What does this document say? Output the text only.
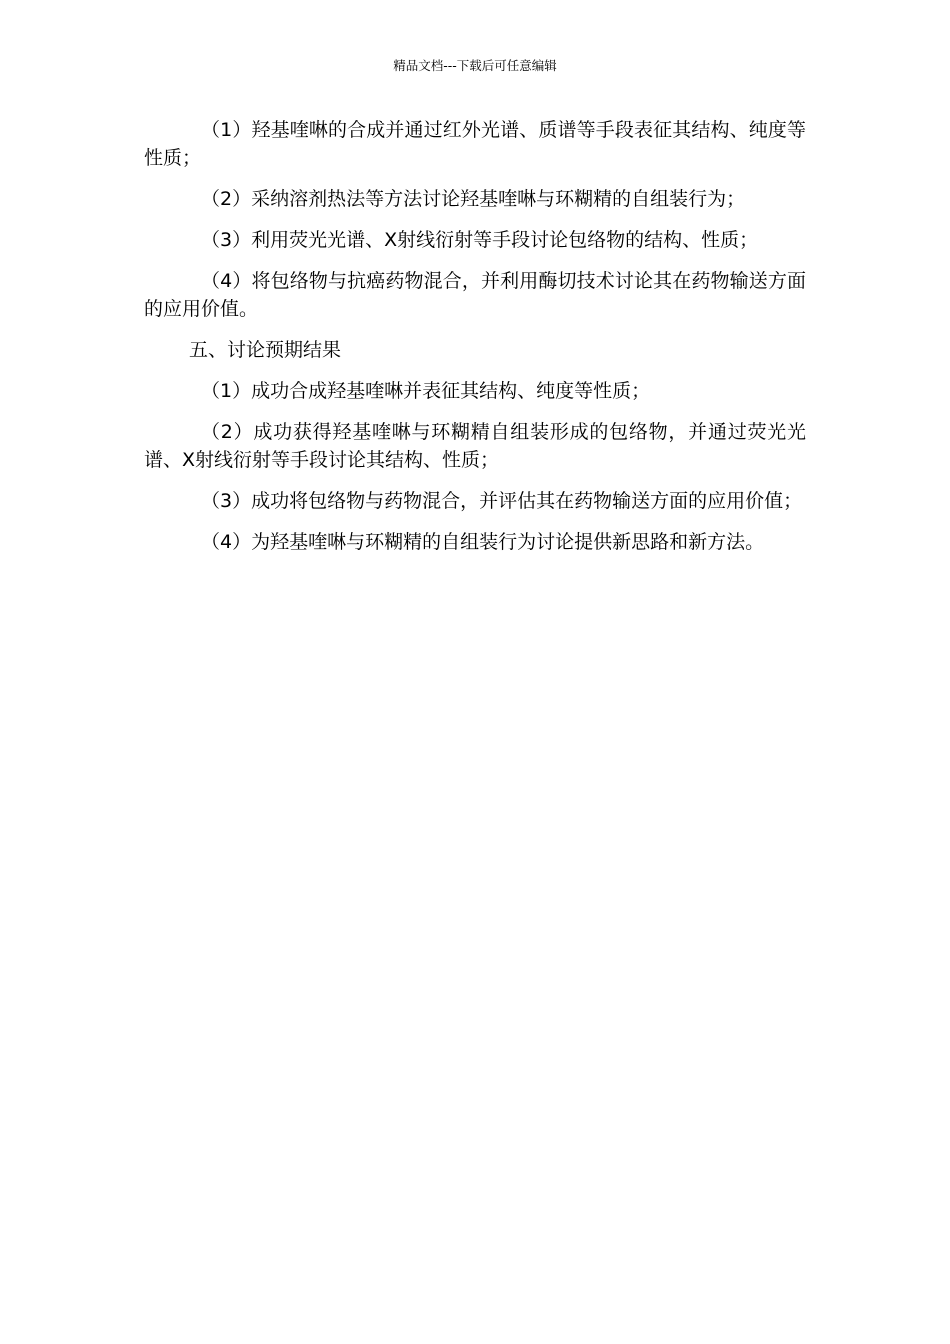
精品文档---下载后可任意编辑

（1）羟基喹啉的合成并通过红外光谱、质谱等手段表征其结构、纯度等性质；

（2）采纳溶剂热法等方法讨论羟基喹啉与环糊精的自组装行为；

（3）利用荧光光谱、X射线衍射等手段讨论包络物的结构、性质；

（4）将包络物与抗癌药物混合，并利用酶切技术讨论其在药物输送方面的应用价值。

五、讨论预期结果

（1）成功合成羟基喹啉并表征其结构、纯度等性质；

（2）成功获得羟基喹啉与环糊精自组装形成的包络物，并通过荧光光谱、X射线衍射等手段讨论其结构、性质；

（3）成功将包络物与药物混合，并评估其在药物输送方面的应用价值；

（4）为羟基喹啉与环糊精的自组装行为讨论提供新思路和新方法。
